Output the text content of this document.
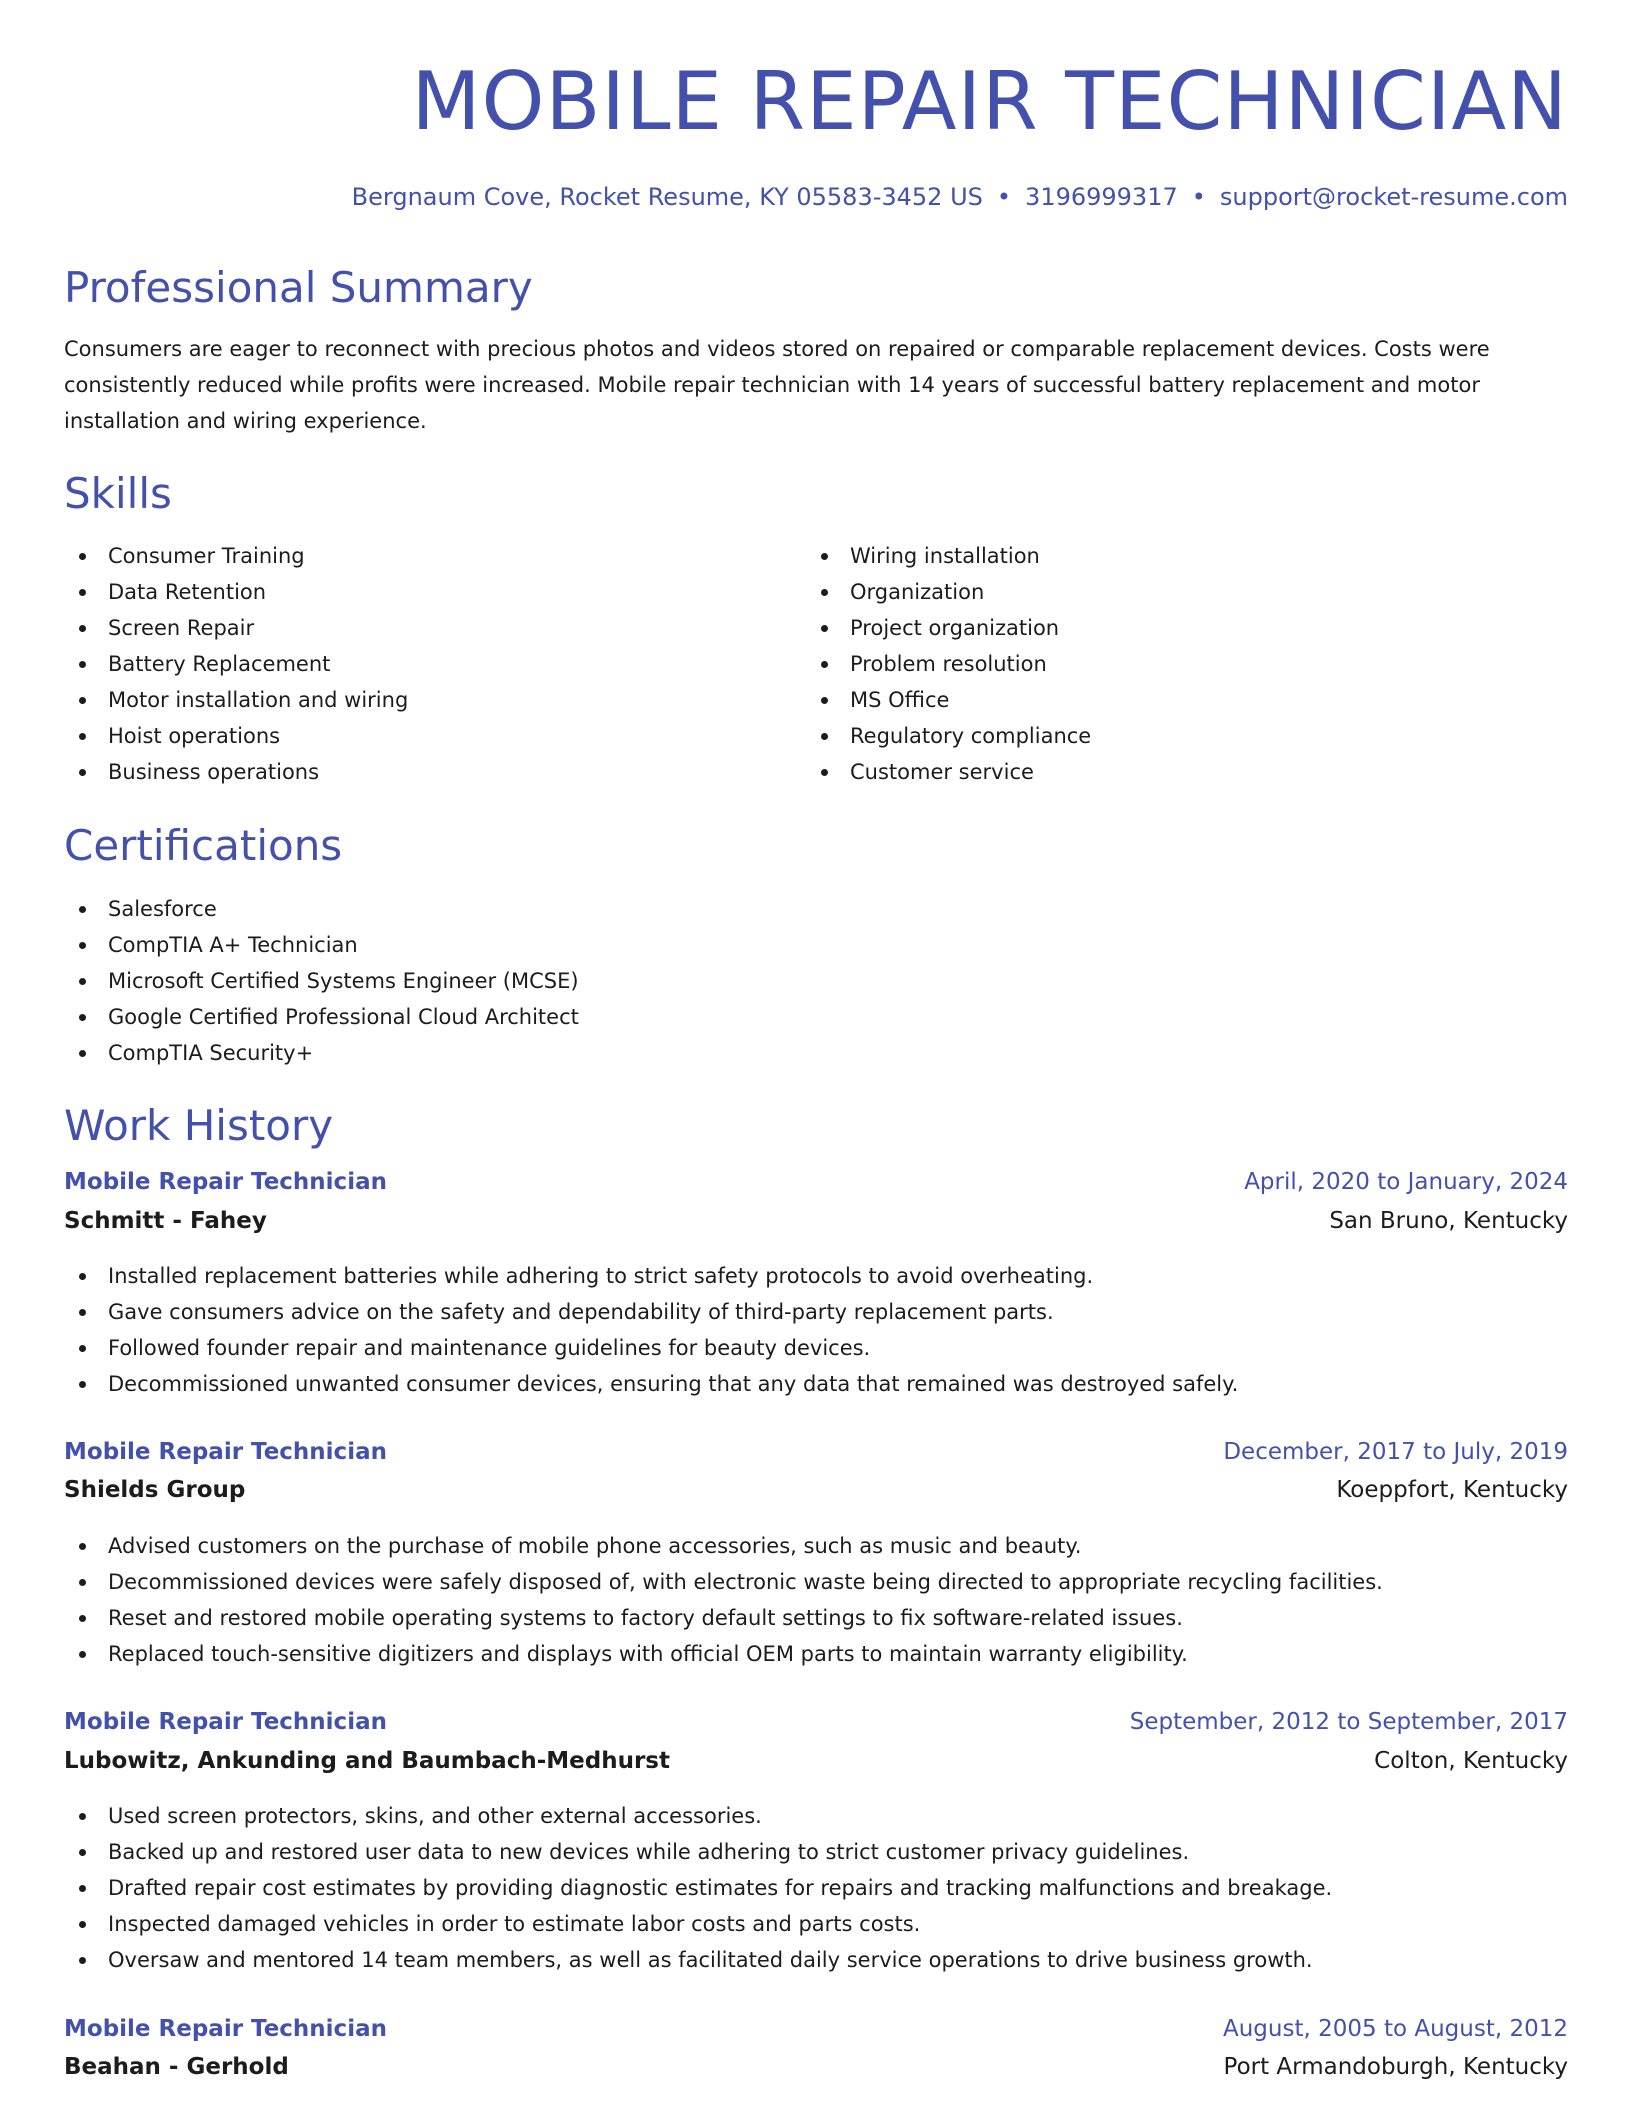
MOBILE REPAIR TECHNICIAN
Bergnaum Cove, Rocket Resume, KY 05583-3452 US • 3196999317 • support@rocket-resume.com
Professional Summary

Consumers are eager to reconnect with precious photos and videos stored on repaired or comparable replacement devices. Costs were consistently reduced while profits were increased. Mobile repair technician with 14 years of successful battery replacement and motor installation and wiring experience.

Skills
Consumer Training
Data Retention
Screen Repair
Battery Replacement
Motor installation and wiring
Hoist operations
Business operations
Wiring installation
Organization
Project organization
Problem resolution
MS Office
Regulatory compliance
Customer service
Certifications
Salesforce
CompTIA A+ Technician
Microsoft Certified Systems Engineer (MCSE)
Google Certified Professional Cloud Architect
CompTIA Security+
Work History
Mobile Repair Technician	April, 2020 to January, 2024
Schmitt - Fahey	San Bruno, Kentucky
Installed replacement batteries while adhering to strict safety protocols to avoid overheating.
Gave consumers advice on the safety and dependability of third-party replacement parts.
Followed founder repair and maintenance guidelines for beauty devices.
Decommissioned unwanted consumer devices, ensuring that any data that remained was destroyed safely.
Mobile Repair Technician	December, 2017 to July, 2019
Shields Group	Koeppfort, Kentucky
Advised customers on the purchase of mobile phone accessories, such as music and beauty.
Decommissioned devices were safely disposed of, with electronic waste being directed to appropriate recycling facilities.
Reset and restored mobile operating systems to factory default settings to fix software-related issues.
Replaced touch-sensitive digitizers and displays with official OEM parts to maintain warranty eligibility.
Mobile Repair Technician	September, 2012 to September, 2017
Lubowitz, Ankunding and Baumbach-Medhurst	Colton, Kentucky
Used screen protectors, skins, and other external accessories.
Backed up and restored user data to new devices while adhering to strict customer privacy guidelines.
Drafted repair cost estimates by providing diagnostic estimates for repairs and tracking malfunctions and breakage.
Inspected damaged vehicles in order to estimate labor costs and parts costs.
Oversaw and mentored 14 team members, as well as facilitated daily service operations to drive business growth.
Mobile Repair Technician	August, 2005 to August, 2012
Beahan - Gerhold	Port Armandoburgh, Kentucky
